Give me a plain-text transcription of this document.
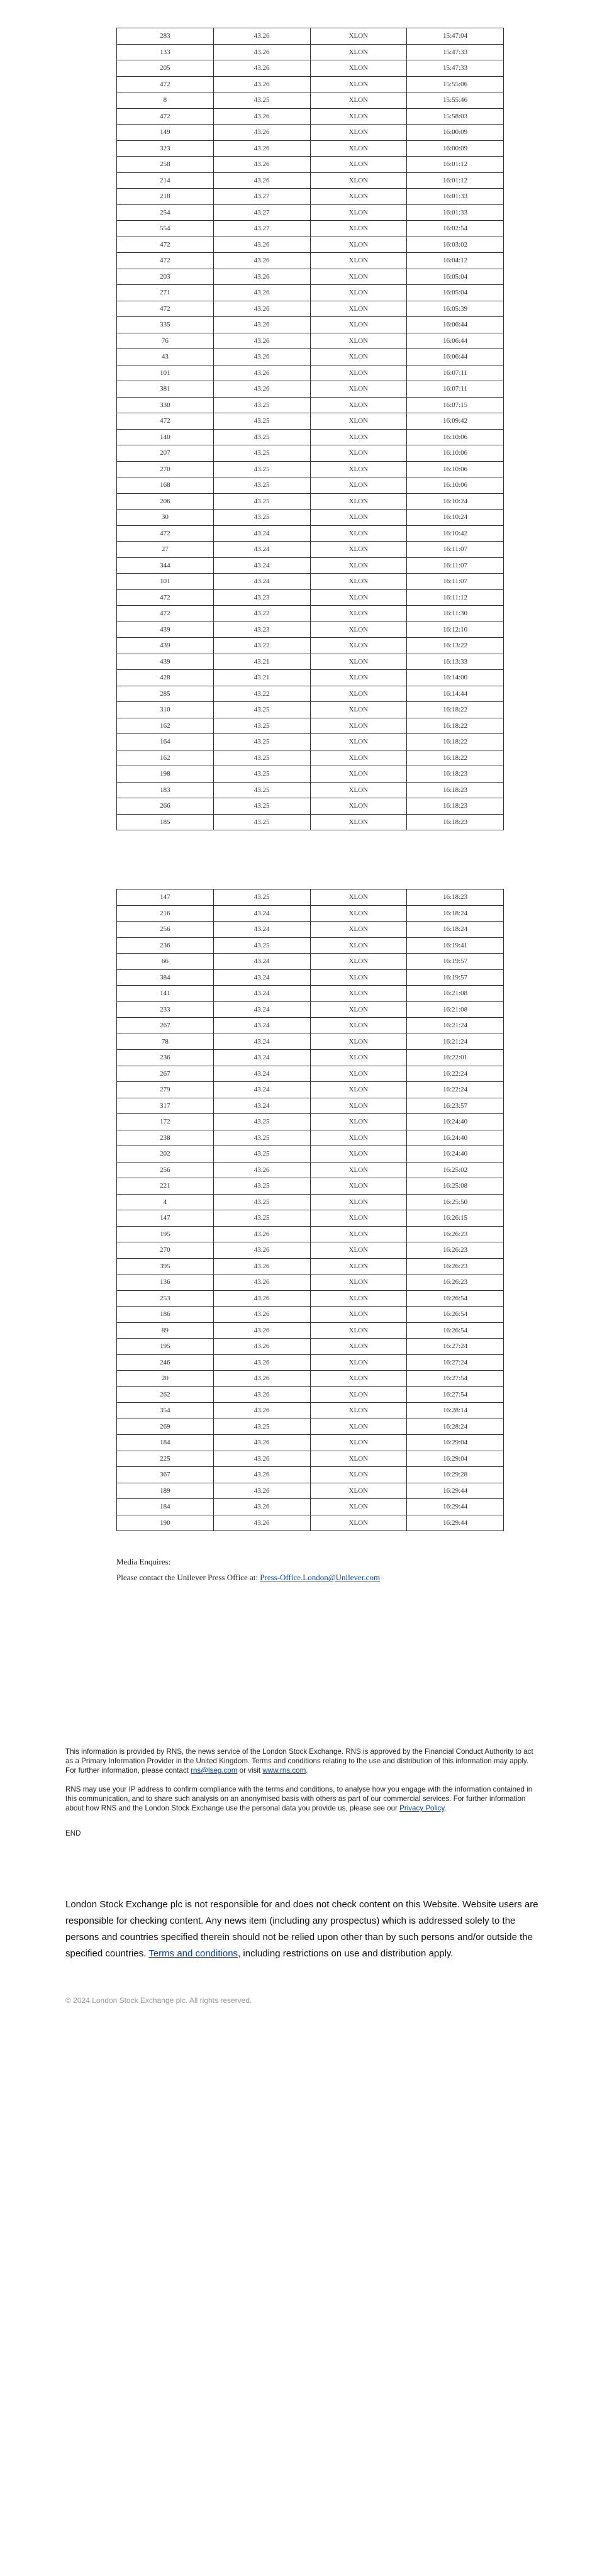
283	43.26	XLON	15:47:04
133	43.26	XLON	15:47:33
205	43.26	XLON	15:47:33
472	43.26	XLON	15:55:06
8	43.25	XLON	15:55:46
472	43.26	XLON	15:58:03
149	43.26	XLON	16:00:09
323	43.26	XLON	16:00:09
258	43.26	XLON	16:01:12
214	43.26	XLON	16:01:12
218	43.27	XLON	16:01:33
254	43.27	XLON	16:01:33
554	43.27	XLON	16:02:54
472	43.26	XLON	16:03:02
472	43.26	XLON	16:04:12
203	43.26	XLON	16:05:04
271	43.26	XLON	16:05:04
472	43.26	XLON	16:05:39
335	43.26	XLON	16:06:44
76	43.26	XLON	16:06:44
43	43.26	XLON	16:06:44
101	43.26	XLON	16:07:11
381	43.26	XLON	16:07:11
330	43.25	XLON	16:07:15
472	43.25	XLON	16:09:42
140	43.25	XLON	16:10:06
207	43.25	XLON	16:10:06
270	43.25	XLON	16:10:06
168	43.25	XLON	16:10:06
206	43.25	XLON	16:10:24
30	43.25	XLON	16:10:24
472	43.24	XLON	16:10:42
27	43.24	XLON	16:11:07
344	43.24	XLON	16:11:07
101	43.24	XLON	16:11:07
472	43.23	XLON	16:11:12
472	43.22	XLON	16:11:30
439	43.23	XLON	16:12:10
439	43.22	XLON	16:13:22
439	43.21	XLON	16:13:33
428	43.21	XLON	16:14:00
285	43.22	XLON	16:14:44
310	43.25	XLON	16:18:22
162	43.25	XLON	16:18:22
164	43.25	XLON	16:18:22
162	43.25	XLON	16:18:22
198	43.25	XLON	16:18:23
183	43.25	XLON	16:18:23
266	43.25	XLON	16:18:23
185	43.25	XLON	16:18:23
147	43.25	XLON	16:18:23
216	43.24	XLON	16:18:24
256	43.24	XLON	16:18:24
236	43.25	XLON	16:19:41
66	43.24	XLON	16:19:57
384	43.24	XLON	16:19:57
141	43.24	XLON	16:21:08
233	43.24	XLON	16:21:08
267	43.24	XLON	16:21:24
78	43.24	XLON	16:21:24
236	43.24	XLON	16:22:01
267	43.24	XLON	16:22:24
279	43.24	XLON	16:22:24
317	43.24	XLON	16:23:57
172	43.25	XLON	16:24:40
238	43.25	XLON	16:24:40
202	43.25	XLON	16:24:40
256	43.26	XLON	16:25:02
221	43.25	XLON	16:25:08
4	43.25	XLON	16:25:50
147	43.25	XLON	16:26:15
195	43.26	XLON	16:26:23
270	43.26	XLON	16:26:23
395	43.26	XLON	16:26:23
136	43.26	XLON	16:26:23
253	43.26	XLON	16:26:54
186	43.26	XLON	16:26:54
89	43.26	XLON	16:26:54
195	43.26	XLON	16:27:24
246	43.26	XLON	16:27:24
20	43.26	XLON	16:27:54
262	43.26	XLON	16:27:54
354	43.26	XLON	16:28:14
269	43.25	XLON	16:28:24
184	43.26	XLON	16:29:04
225	43.26	XLON	16:29:04
367	43.26	XLON	16:29:28
189	43.26	XLON	16:29:44
184	43.26	XLON	16:29:44
190	43.26	XLON	16:29:44
Media Enquires:
Please contact the Unilever Press Office at: Press-Office.London@Unilever.com

This information is provided by RNS, the news service of the London Stock Exchange. RNS is approved by the Financial Conduct Authority to act as a Primary Information Provider in the United Kingdom. Terms and conditions relating to the use and distribution of this information may apply. For further information, please contact rns@lseg.com or visit www.rns.com.

RNS may use your IP address to confirm compliance with the terms and conditions, to analyse how you engage with the information contained in this communication, and to share such analysis on an anonymised basis with others as part of our commercial services. For further information about how RNS and the London Stock Exchange use the personal data you provide us, please see our Privacy Policy.

END

London Stock Exchange plc is not responsible for and does not check content on this Website. Website users are responsible for checking content. Any news item (including any prospectus) which is addressed solely to the persons and countries specified therein should not be relied upon other than by such persons and/or outside the specified countries. Terms and conditions, including restrictions on use and distribution apply.

© 2024 London Stock Exchange plc. All rights reserved.
